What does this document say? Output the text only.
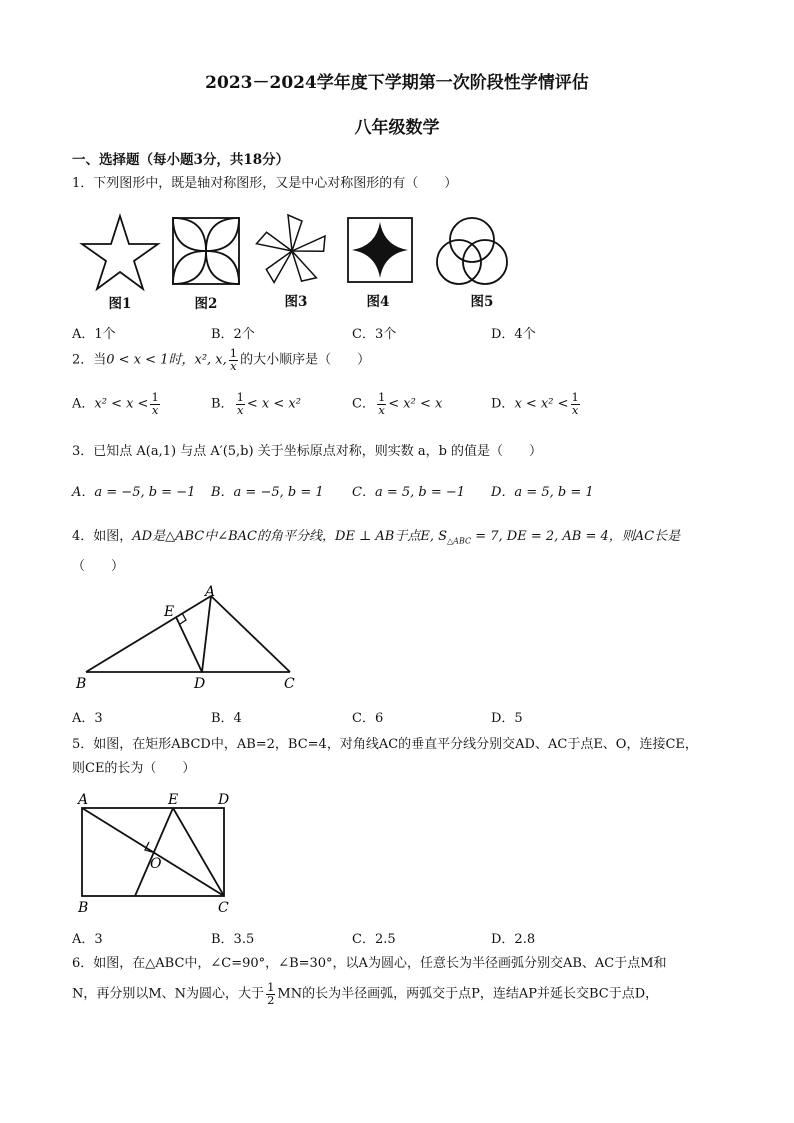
2023－2024学年度下学期第一次阶段性学情评估
八年级数学
一、选择题（每小题3分，共18分）
1．下列图形中，既是轴对称图形，又是中心对称图形的有（　　）
图1	图2	图3	图4	图5
A．1个	B．2个	C．3个	D．4个
2．当0 < x < 1时，x², x, $\frac{1}{x}$ 的大小顺序是（　　）
A．$x^2 < x < \frac{1}{x}$	B． $\frac{1}{x} < x < x^2$	C． $\frac{1}{x} < x^2 < x$	D．$x < x^2 < \frac{1}{x}$
3．已知点 A(a,1) 与点 A′(5,b) 关于坐标原点对称，则实数 a，b 的值是（　　）
A．a = −5, b = −1 B．a = −5, b = 1 C．a = 5, b = −1 D．a = 5, b = 1
4．如图，AD是△ABC中∠BAC的角平分线，DE ⊥ AB于点E, $S_{\triangle ABC} = 7$, DE = 2, AB = 4，则AC长是
（　　）
A
E
B	D	C
A．3	B．4	C．6	D．5
5．如图，在矩形ABCD中，AB=2，BC=4，对角线AC的垂直平分线分别交AD、AC于点E、O，连接CE，
则CE的长为（　　）
A	E	D
O
B	C
A．3	B．3.5	C．2.5	D．2.8
6．如图，在△ABC中，∠C=90°，∠B=30°，以A为圆心，任意长为半径画弧分别交AB、AC于点M和
N，再分别以M、N为圆心，大于 $\frac{1}{2}$ MN的长为半径画弧，两弧交于点P，连结AP并延长交BC于点D，
